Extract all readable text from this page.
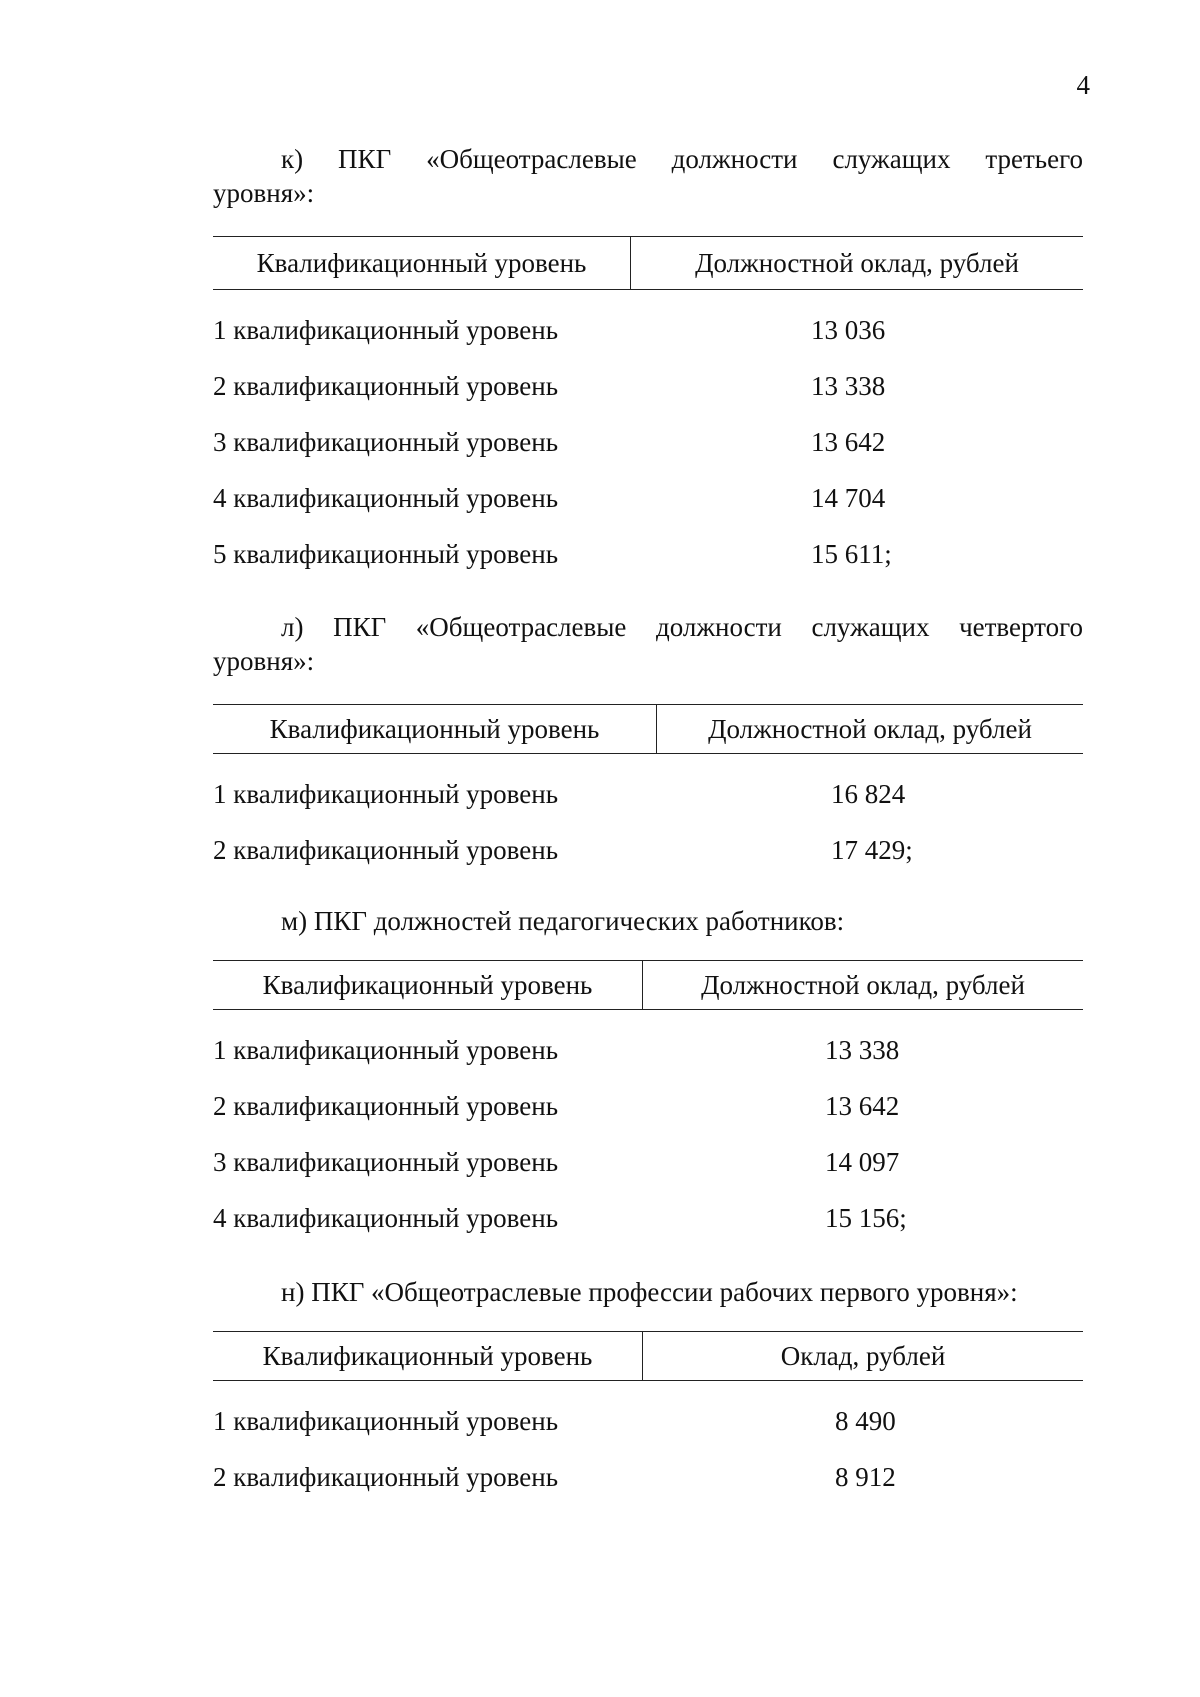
4
к) ПКГ «Общеотраслевые должности служащих третьего
уровня»:
Квалификационный уровень	Должностной оклад, рублей
1 квалификационный уровень	13 036
2 квалификационный уровень	13 338
3 квалификационный уровень	13 642
4 квалификационный уровень	14 704
5 квалификационный уровень	15 611;
л) ПКГ «Общеотраслевые должности служащих четвертого
уровня»:
Квалификационный уровень	Должностной оклад, рублей
1 квалификационный уровень	16 824
2 квалификационный уровень	17 429;
м) ПКГ должностей педагогических работников:
Квалификационный уровень	Должностной оклад, рублей
1 квалификационный уровень	13 338
2 квалификационный уровень	13 642
3 квалификационный уровень	14 097
4 квалификационный уровень	15 156;
н) ПКГ «Общеотраслевые профессии рабочих первого уровня»:
Квалификационный уровень	Оклад, рублей
1 квалификационный уровень	8 490
2 квалификационный уровень	8 912
